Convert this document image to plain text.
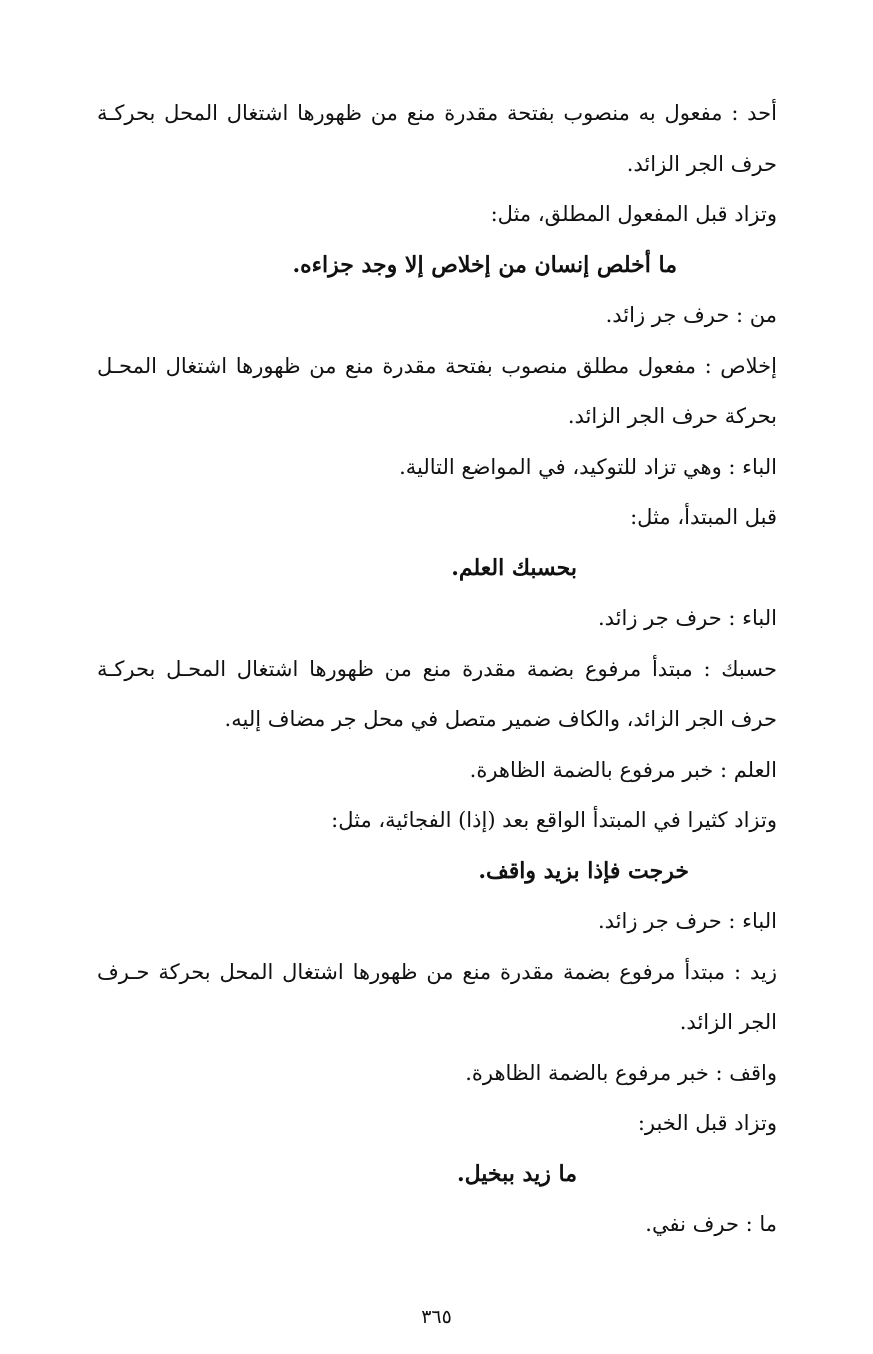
أحد : مفعول به منصوب بفتحة مقدرة منع من ظهورها اشتغال المحل بحركـة
حرف الجر الزائد.
وتزاد قبل المفعول المطلق، مثل:
ما أخلص إنسان من إخلاص إلا وجد جزاءه.
من : حرف جر زائد.
إخلاص : مفعول مطلق منصوب بفتحة مقدرة منع من ظهورها اشتغال المحـل
بحركة حرف الجر الزائد.
الباء : وهي تزاد للتوكيد، في المواضع التالية.
قبل المبتدأ، مثل:
بحسبك العلم.
الباء : حرف جر زائد.
حسبك : مبتدأ مرفوع بضمة مقدرة منع من ظهورها اشتغال المحـل بحركـة
حرف الجر الزائد، والكاف ضمير متصل في محل جر مضاف إليه.
العلم : خبر مرفوع بالضمة الظاهرة.
وتزاد كثيرا في المبتدأ الواقع بعد (إذا) الفجائية، مثل:
خرجت فإذا بزيد واقف.
الباء : حرف جر زائد.
زيد : مبتدأ مرفوع بضمة مقدرة منع من ظهورها اشتغال المحل بحركة حـرف
الجر الزائد.
واقف : خبر مرفوع بالضمة الظاهرة.
وتزاد قبل الخبر:
ما زيد ببخيل.
ما : حرف نفي.
٣٦٥
